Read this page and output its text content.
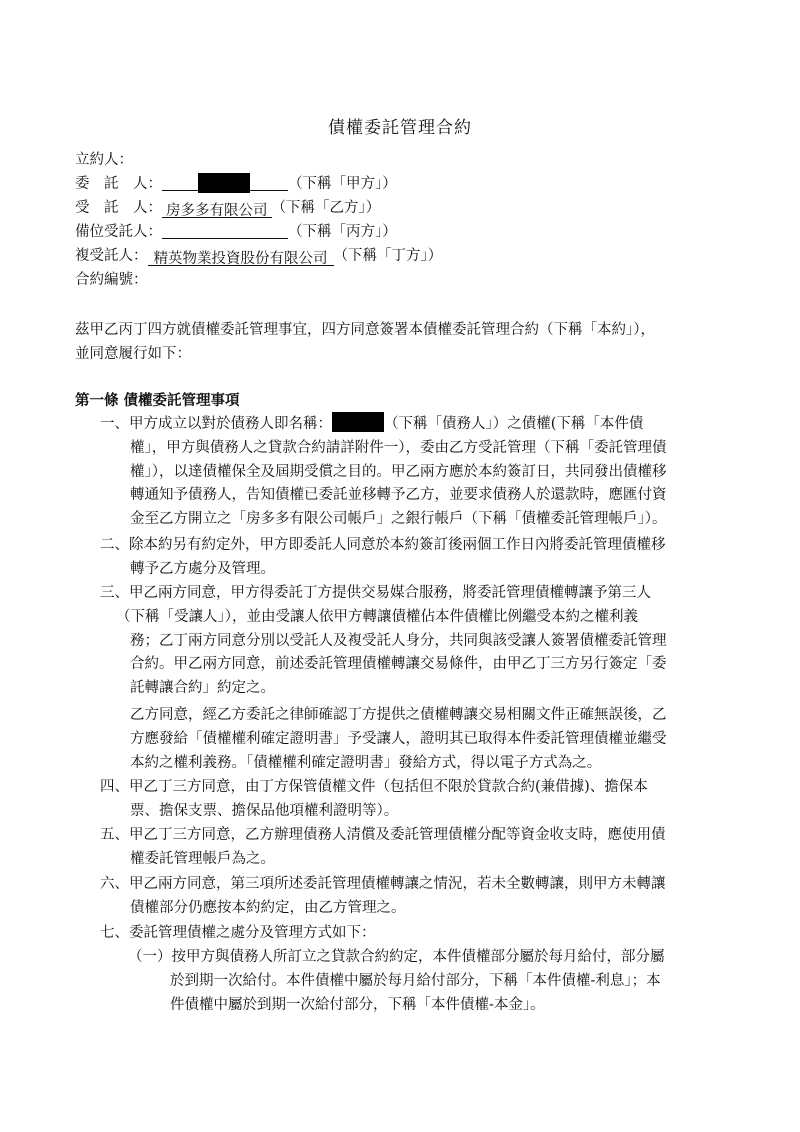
債權委託管理合約
立約人：
委　託　人：	（下稱「甲方」）
受　託　人： 房多多有限公司 （下稱「乙方」）
備位受託人：	（下稱「丙方」）
複受託人： 精英物業投資股份有限公司 （下稱「丁方」）
合約編號：
茲甲乙丙丁四方就債權委託管理事宜，四方同意簽署本債權委託管理合約（下稱「本約」），
並同意履行如下：
第一條 債權委託管理事項
一、甲方成立以對於債務人即名稱：	（下稱「債務人」）之債權(下稱「本件債
權」，甲方與債務人之貸款合約請詳附件一），委由乙方受託管理（下稱「委託管理債
權」），以達債權保全及屆期受償之目的。甲乙兩方應於本約簽訂日，共同發出債權移
轉通知予債務人，告知債權已委託並移轉予乙方，並要求債務人於還款時，應匯付資
金至乙方開立之「房多多有限公司帳戶」之銀行帳戶（下稱「債權委託管理帳戶」）。
二、除本約另有約定外，甲方即委託人同意於本約簽訂後兩個工作日內將委託管理債權移
轉予乙方處分及管理。
三、甲乙兩方同意，甲方得委託丁方提供交易媒合服務，將委託管理債權轉讓予第三人
（下稱「受讓人」），並由受讓人依甲方轉讓債權佔本件債權比例繼受本約之權利義
務；乙丁兩方同意分別以受託人及複受託人身分，共同與該受讓人簽署債權委託管理
合約。甲乙兩方同意，前述委託管理債權轉讓交易條件，由甲乙丁三方另行簽定「委
託轉讓合約」約定之。
乙方同意，經乙方委託之律師確認丁方提供之債權轉讓交易相關文件正確無誤後，乙
方應發給「債權權利確定證明書」予受讓人，證明其已取得本件委託管理債權並繼受
本約之權利義務。「債權權利確定證明書」發給方式，得以電子方式為之。
四、甲乙丁三方同意，由丁方保管債權文件（包括但不限於貸款合約(兼借據)、擔保本
票、擔保支票、擔保品他項權利證明等）。
五、甲乙丁三方同意，乙方辦理債務人清償及委託管理債權分配等資金收支時，應使用債
權委託管理帳戶為之。
六、甲乙兩方同意，第三項所述委託管理債權轉讓之情況，若未全數轉讓，則甲方未轉讓
債權部分仍應按本約約定，由乙方管理之。
七、委託管理債權之處分及管理方式如下：
（一）按甲方與債務人所訂立之貸款合約約定，本件債權部分屬於每月給付，部分屬
於到期一次給付。本件債權中屬於每月給付部分，下稱「本件債權-利息」；本
件債權中屬於到期一次給付部分，下稱「本件債權-本金」。
